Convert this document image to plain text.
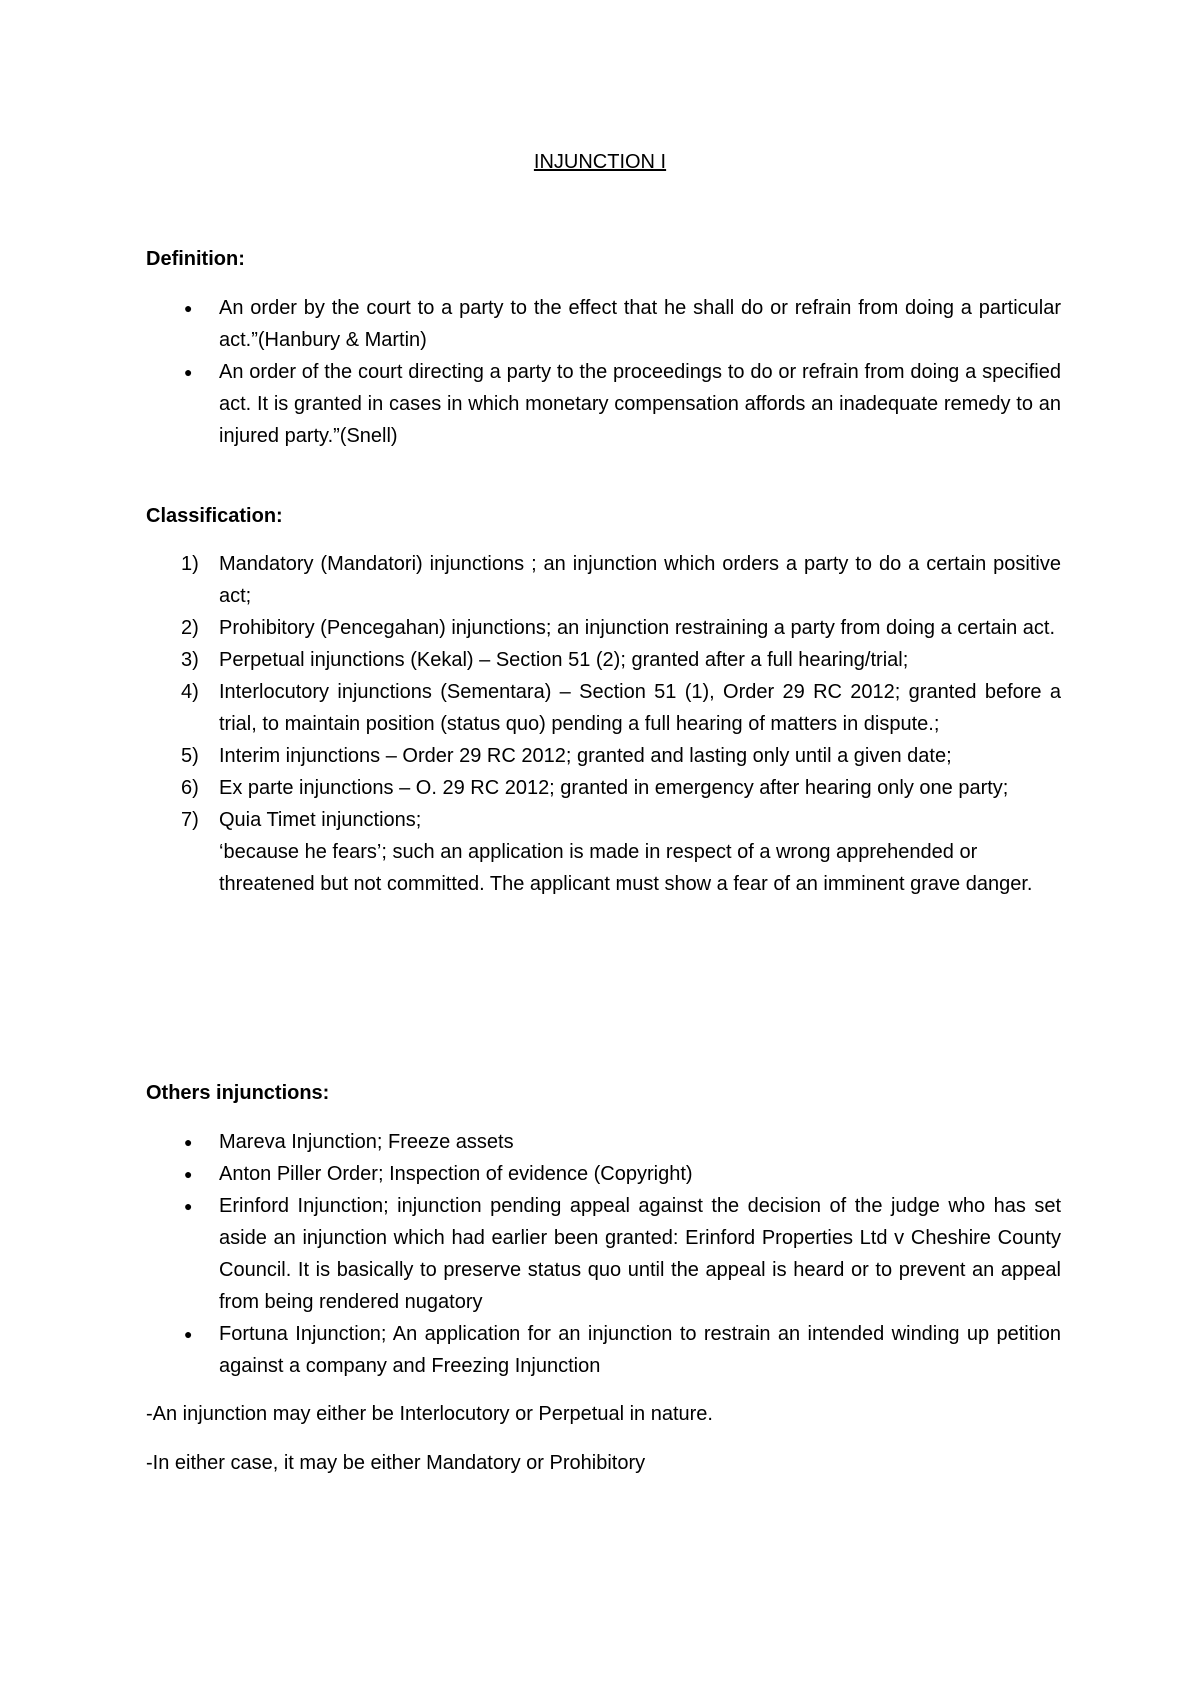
INJUNCTION I
Definition:
● An order by the court to a party to the effect that he shall do or refrain from doing a particular act.”(Hanbury & Martin)
● An order of the court directing a party to the proceedings to do or refrain from doing a specified act. It is granted in cases in which monetary compensation affords an inadequate remedy to an injured party.”(Snell)
Classification:
1) Mandatory (Mandatori) injunctions ; an injunction which orders a party to do a certain positive act;
2) Prohibitory (Pencegahan) injunctions; an injunction restraining a party from doing a certain act.
3) Perpetual injunctions (Kekal) – Section 51 (2); granted after a full hearing/trial;
4) Interlocutory injunctions (Sementara) – Section 51 (1), Order 29 RC 2012; granted before a trial, to maintain position (status quo) pending a full hearing of matters in dispute.;
5) Interim injunctions – Order 29 RC 2012; granted and lasting only until a given date;
6) Ex parte injunctions – O. 29 RC 2012; granted in emergency after hearing only one party;
7) Quia Timet injunctions;
‘because he fears’; such an application is made in respect of a wrong apprehended or threatened but not committed. The applicant must show a fear of an imminent grave danger.
Others injunctions:
● Mareva Injunction; Freeze assets
● Anton Piller Order; Inspection of evidence (Copyright)
● Erinford Injunction; injunction pending appeal against the decision of the judge who has set aside an injunction which had earlier been granted: Erinford Properties Ltd v Cheshire County Council. It is basically to preserve status quo until the appeal is heard or to prevent an appeal from being rendered nugatory
● Fortuna Injunction; An application for an injunction to restrain an intended winding up petition against a company and Freezing Injunction
-An injunction may either be Interlocutory or Perpetual in nature.
-In either case, it may be either Mandatory or Prohibitory
